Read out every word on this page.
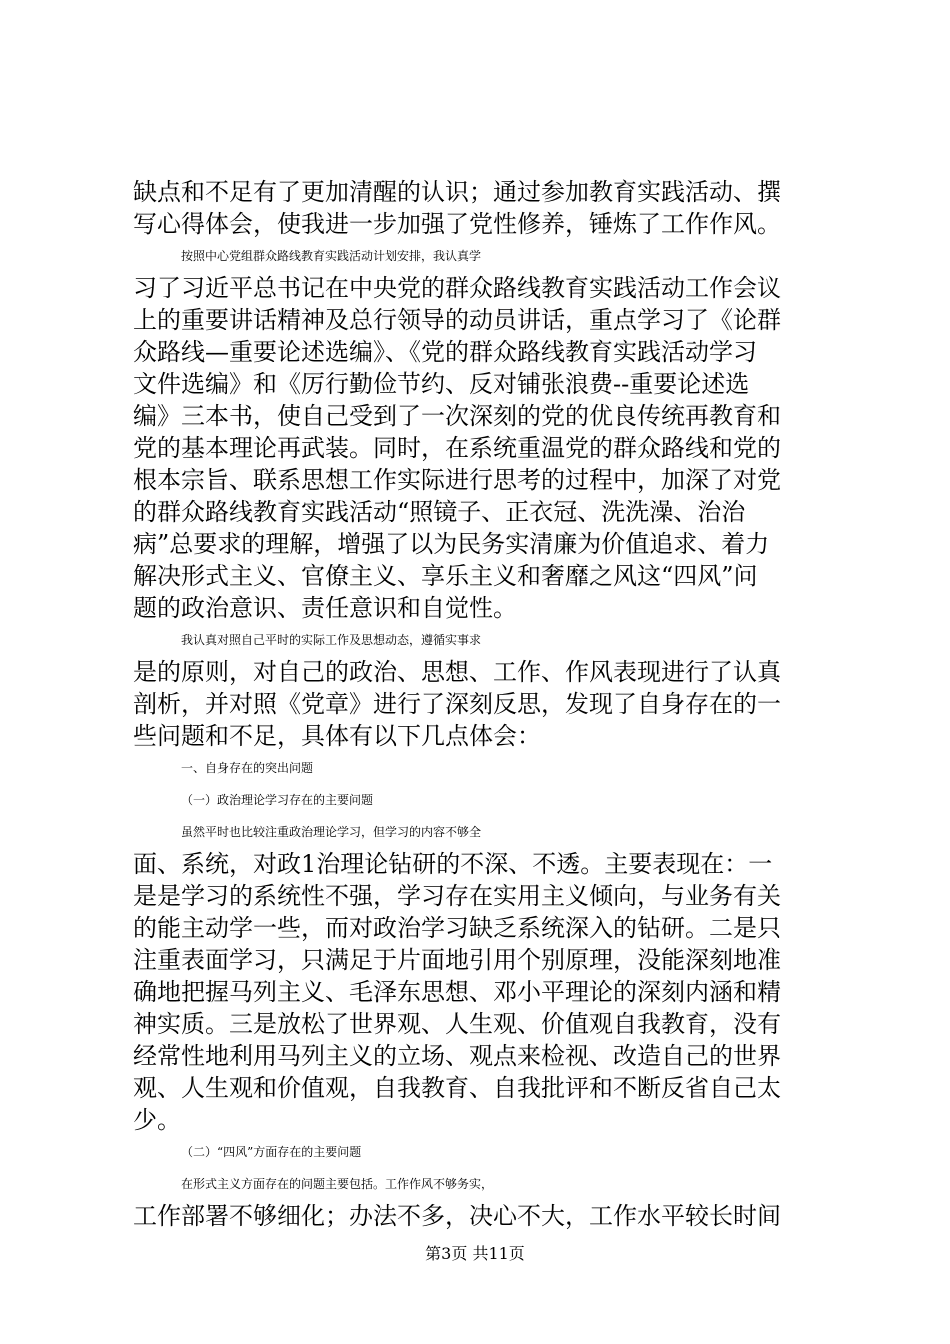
缺点和不足有了更加清醒的认识；通过参加教育实践活动、撰
写心得体会，使我进一步加强了党性修养，锤炼了工作作风。
按照中心党组群众路线教育实践活动计划安排，我认真学
习了习近平总书记在中央党的群众路线教育实践活动工作会议
上的重要讲话精神及总行领导的动员讲话，重点学习了《论群
众路线—重要论述选编》、《党的群众路线教育实践活动学习
文件选编》和《厉行勤俭节约、反对铺张浪费--重要论述选
编》三本书，使自己受到了一次深刻的党的优良传统再教育和
党的基本理论再武装。同时，在系统重温党的群众路线和党的
根本宗旨、联系思想工作实际进行思考的过程中，加深了对党
的群众路线教育实践活动“照镜子、正衣冠、洗洗澡、治治
病”总要求的理解，增强了以为民务实清廉为价值追求、着力
解决形式主义、官僚主义、享乐主义和奢靡之风这“四风”问
题的政治意识、责任意识和自觉性。
我认真对照自己平时的实际工作及思想动态，遵循实事求
是的原则，对自己的政治、思想、工作、作风表现进行了认真
剖析，并对照《党章》进行了深刻反思，发现了自身存在的一
些问题和不足，具体有以下几点体会：
一、自身存在的突出问题
（一）政治理论学习存在的主要问题
虽然平时也比较注重政治理论学习，但学习的内容不够全
面、系统，对政1治理论钻研的不深、不透。主要表现在：一
是是学习的系统性不强，学习存在实用主义倾向，与业务有关
的能主动学一些，而对政治学习缺乏系统深入的钻研。二是只
注重表面学习，只满足于片面地引用个别原理，没能深刻地准
确地把握马列主义、毛泽东思想、邓小平理论的深刻内涵和精
神实质。三是放松了世界观、人生观、价值观自我教育，没有
经常性地利用马列主义的立场、观点来检视、改造自己的世界
观、人生观和价值观，自我教育、自我批评和不断反省自己太
少。
（二）“四风”方面存在的主要问题
在形式主义方面存在的问题主要包括。工作作风不够务实，
工作部署不够细化；办法不多，决心不大，工作水平较长时间
第3页 共11页
